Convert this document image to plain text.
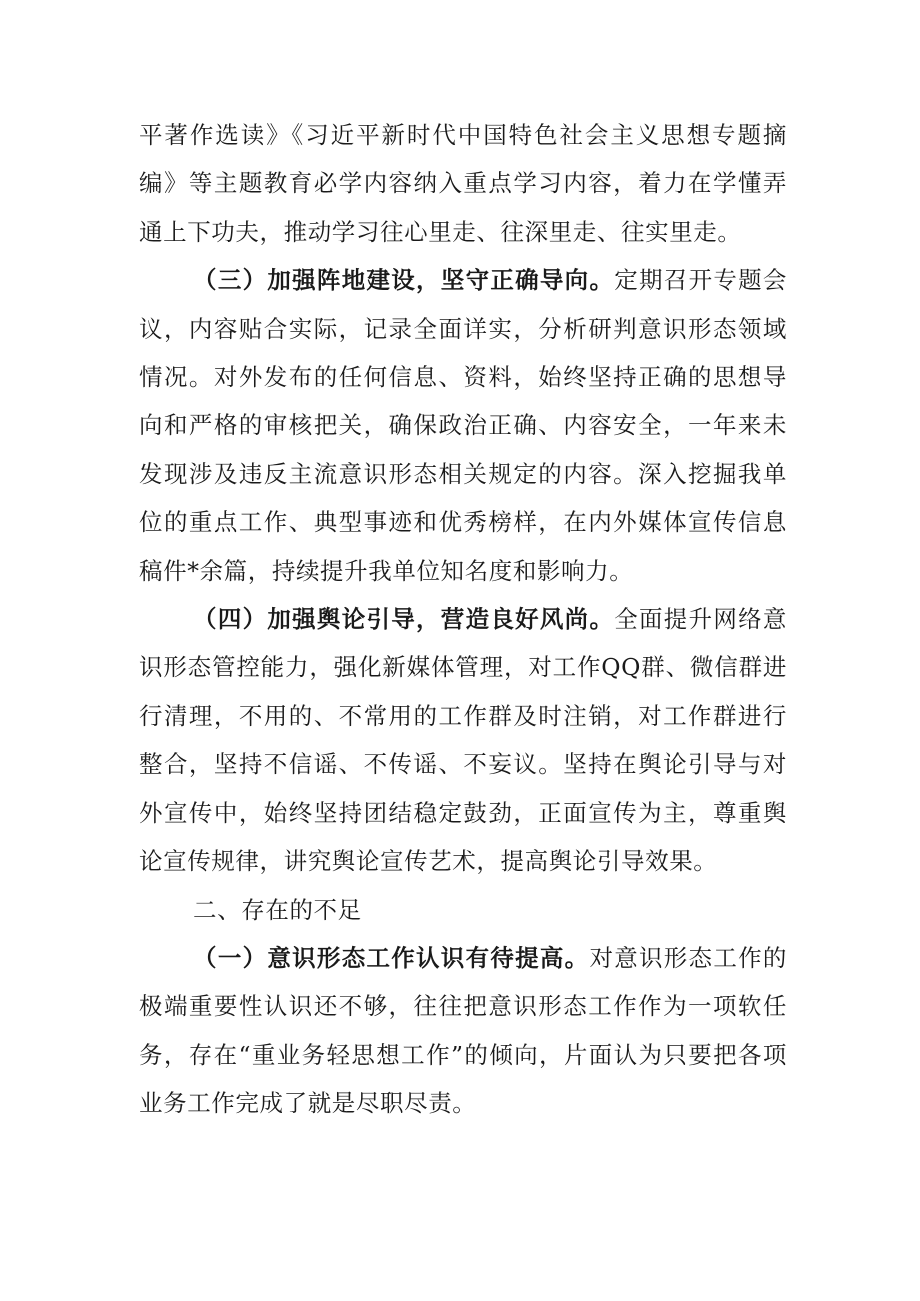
平著作选读》《习近平新时代中国特色社会主义思想专题摘编》等主题教育必学内容纳入重点学习内容，着力在学懂弄通上下功夫，推动学习往心里走、往深里走、往实里走。

（三）加强阵地建设，坚守正确导向。定期召开专题会议，内容贴合实际，记录全面详实，分析研判意识形态领域情况。对外发布的任何信息、资料，始终坚持正确的思想导向和严格的审核把关，确保政治正确、内容安全，一年来未发现涉及违反主流意识形态相关规定的内容。深入挖掘我单位的重点工作、典型事迹和优秀榜样，在内外媒体宣传信息稿件*余篇，持续提升我单位知名度和影响力。

（四）加强舆论引导，营造良好风尚。全面提升网络意识形态管控能力，强化新媒体管理，对工作QQ群、微信群进行清理，不用的、不常用的工作群及时注销，对工作群进行整合，坚持不信谣、不传谣、不妄议。坚持在舆论引导与对外宣传中，始终坚持团结稳定鼓劲，正面宣传为主，尊重舆论宣传规律，讲究舆论宣传艺术，提高舆论引导效果。

二、存在的不足

（一）意识形态工作认识有待提高。对意识形态工作的极端重要性认识还不够，往往把意识形态工作作为一项软任务，存在“重业务轻思想工作”的倾向，片面认为只要把各项业务工作完成了就是尽职尽责。
